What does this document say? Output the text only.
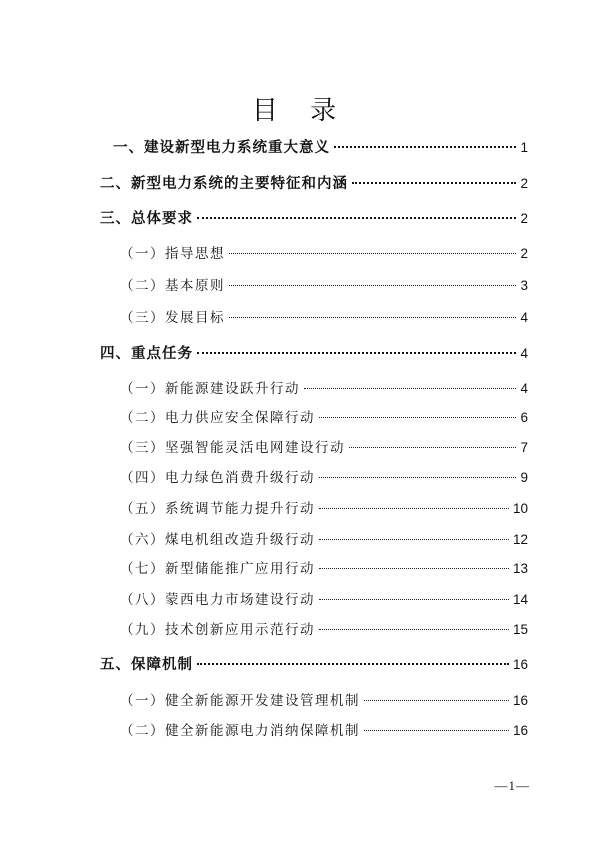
目 录
一、建设新型电力系统重大意义	1
二、新型电力系统的主要特征和内涵	2
三、总体要求	2
（一）指导思想	2
（二）基本原则	3
（三）发展目标	4
四、重点任务	4
（一）新能源建设跃升行动	4
（二）电力供应安全保障行动	6
（三）坚强智能灵活电网建设行动	7
（四）电力绿色消费升级行动	9
（五）系统调节能力提升行动	10
（六）煤电机组改造升级行动	12
（七）新型储能推广应用行动	13
（八）蒙西电力市场建设行动	14
（九）技术创新应用示范行动	15
五、保障机制	16
（一）健全新能源开发建设管理机制	16
（二）健全新能源电力消纳保障机制	16
—1—
